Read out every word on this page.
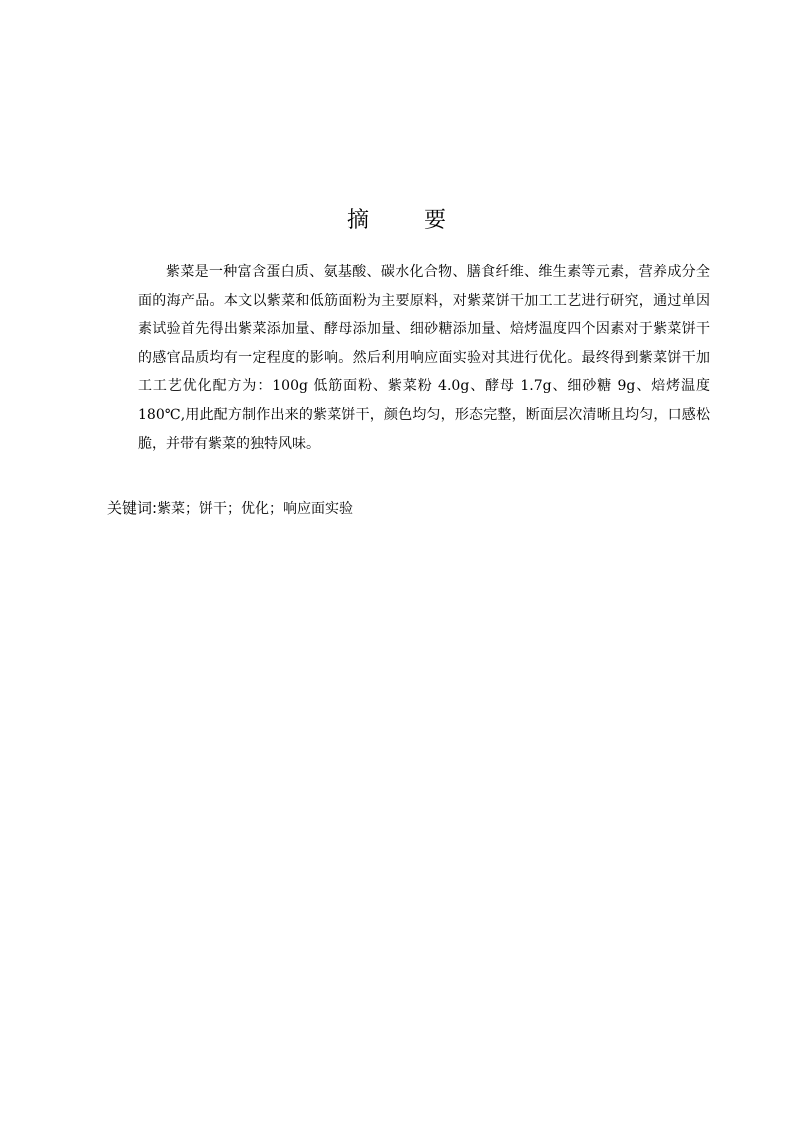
摘 要

紫菜是一种富含蛋白质、氨基酸、碳水化合物、膳食纤维、维生素等元素，营养成分全面的海产品。本文以紫菜和低筋面粉为主要原料，对紫菜饼干加工工艺进行研究，通过单因素试验首先得出紫菜添加量、酵母添加量、细砂糖添加量、焙烤温度四个因素对于紫菜饼干的感官品质均有一定程度的影响。然后利用响应面实验对其进行优化。最终得到紫菜饼干加工工艺优化配方为：100g 低筋面粉、紫菜粉 4.0g、酵母 1.7g、细砂糖 9g、焙烤温度 180℃,用此配方制作出来的紫菜饼干，颜色均匀，形态完整，断面层次清晰且均匀，口感松脆，并带有紫菜的独特风味。

关键词:紫菜；饼干；优化；响应面实验
